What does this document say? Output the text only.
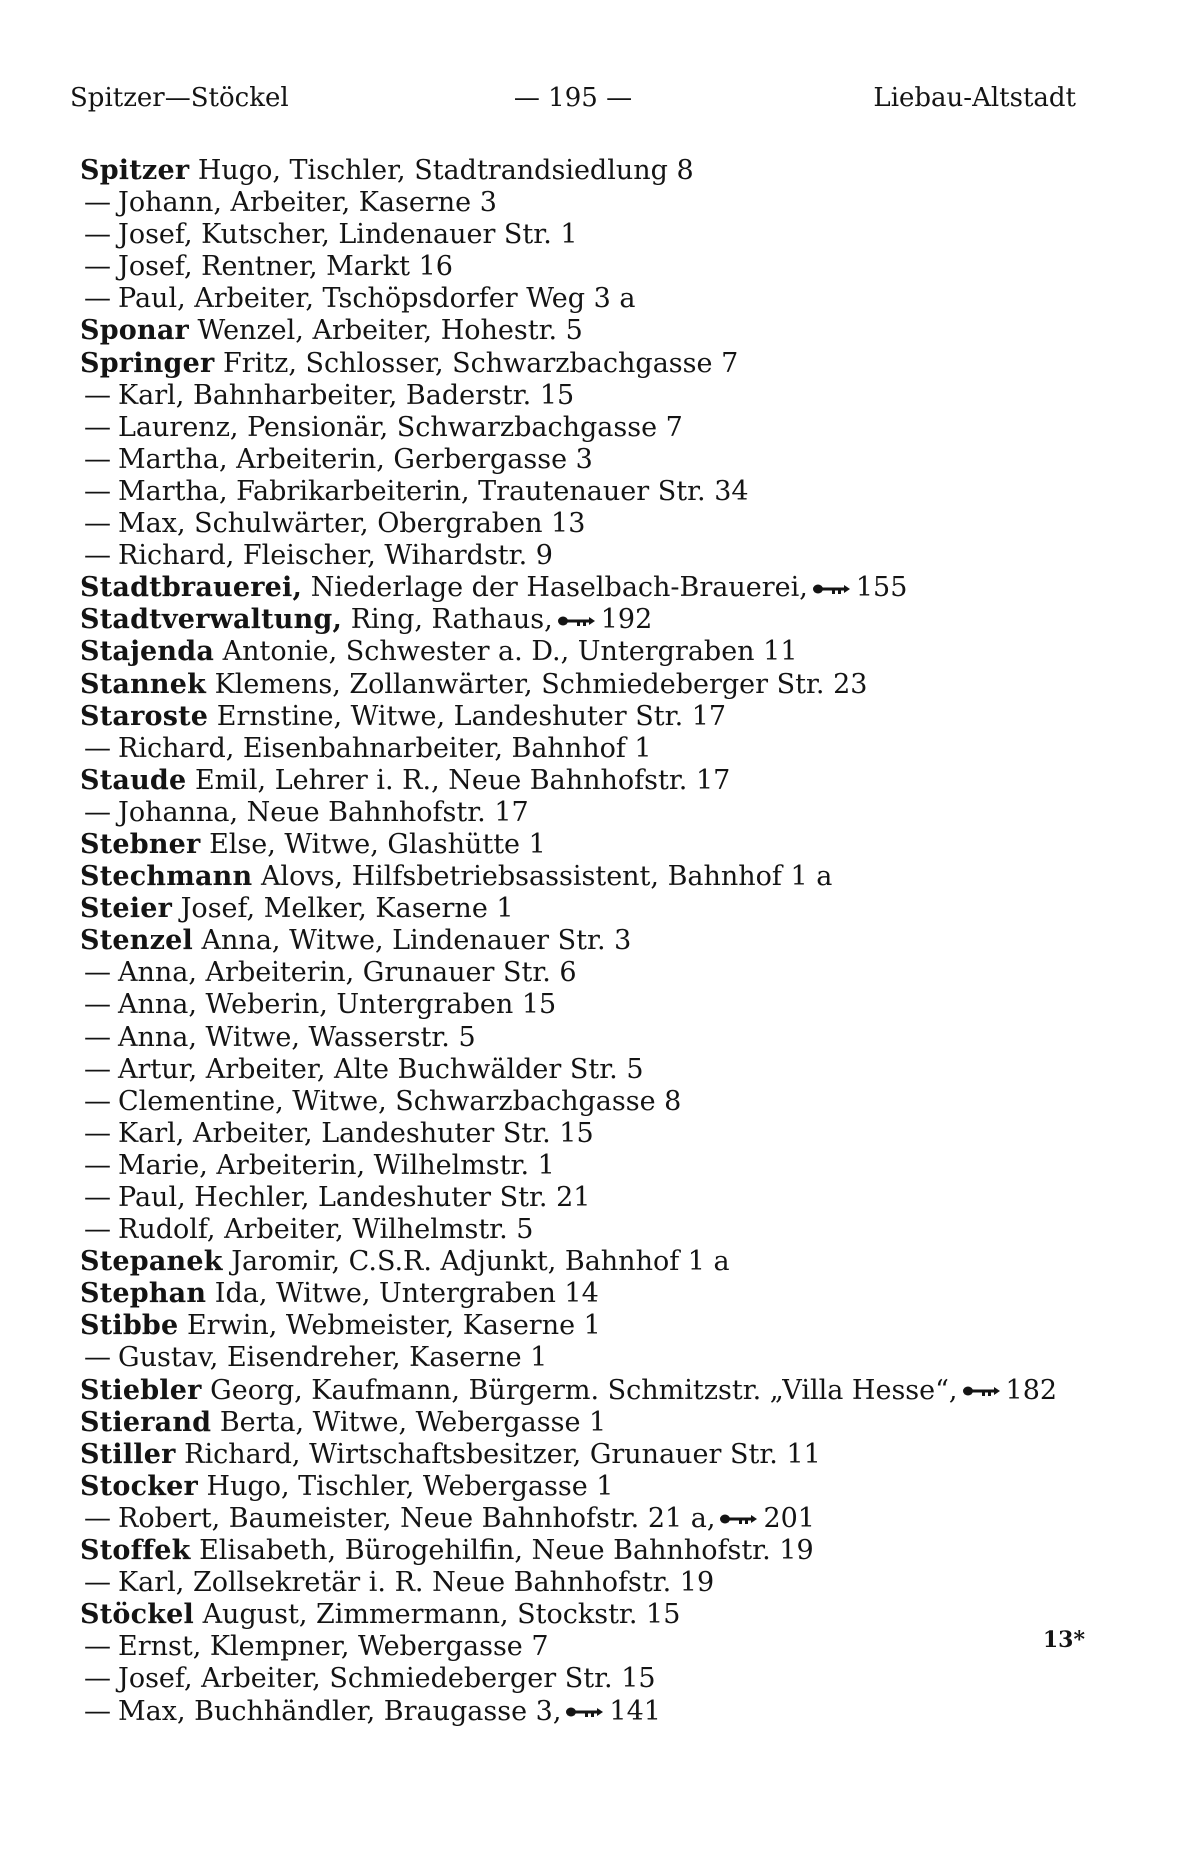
Spitzer—Stöckel	— 195 —	Liebau-Altstadt
Spitzer Hugo, Tischler, Stadtrandsiedlung 8
— Johann, Arbeiter, Kaserne 3
— Josef, Kutscher, Lindenauer Str. 1
— Josef, Rentner, Markt 16
— Paul, Arbeiter, Tschöpsdorfer Weg 3 a
Sponar Wenzel, Arbeiter, Hohestr. 5
Springer Fritz, Schlosser, Schwarzbachgasse 7
— Karl, Bahnharbeiter, Baderstr. 15
— Laurenz, Pensionär, Schwarzbachgasse 7
— Martha, Arbeiterin, Gerbergasse 3
— Martha, Fabrikarbeiterin, Trautenauer Str. 34
— Max, Schulwärter, Obergraben 13
— Richard, Fleischer, Wihardstr. 9
Stadtbrauerei, Niederlage der Haselbach-Brauerei, 155
Stadtverwaltung, Ring, Rathaus, 192
Stajenda Antonie, Schwester a. D., Untergraben 11
Stannek Klemens, Zollanwärter, Schmiedeberger Str. 23
Staroste Ernstine, Witwe, Landeshuter Str. 17
— Richard, Eisenbahnarbeiter, Bahnhof 1
Staude Emil, Lehrer i. R., Neue Bahnhofstr. 17
— Johanna, Neue Bahnhofstr. 17
Stebner Else, Witwe, Glashütte 1
Stechmann Alovs, Hilfsbetriebsassistent, Bahnhof 1 a
Steier Josef, Melker, Kaserne 1
Stenzel Anna, Witwe, Lindenauer Str. 3
— Anna, Arbeiterin, Grunauer Str. 6
— Anna, Weberin, Untergraben 15
— Anna, Witwe, Wasserstr. 5
— Artur, Arbeiter, Alte Buchwälder Str. 5
— Clementine, Witwe, Schwarzbachgasse 8
— Karl, Arbeiter, Landeshuter Str. 15
— Marie, Arbeiterin, Wilhelmstr. 1
— Paul, Hechler, Landeshuter Str. 21
— Rudolf, Arbeiter, Wilhelmstr. 5
Stepanek Jaromir, C.S.R. Adjunkt, Bahnhof 1 a
Stephan Ida, Witwe, Untergraben 14
Stibbe Erwin, Webmeister, Kaserne 1
— Gustav, Eisendreher, Kaserne 1
Stiebler Georg, Kaufmann, Bürgerm. Schmitzstr. „Villa Hesse“, 182
Stierand Berta, Witwe, Webergasse 1
Stiller Richard, Wirtschaftsbesitzer, Grunauer Str. 11
Stocker Hugo, Tischler, Webergasse 1
— Robert, Baumeister, Neue Bahnhofstr. 21 a, 201
Stoffek Elisabeth, Bürogehilfin, Neue Bahnhofstr. 19
— Karl, Zollsekretär i. R. Neue Bahnhofstr. 19
Stöckel August, Zimmermann, Stockstr. 15
— Ernst, Klempner, Webergasse 7
— Josef, Arbeiter, Schmiedeberger Str. 15
— Max, Buchhändler, Braugasse 3, 141
13*
